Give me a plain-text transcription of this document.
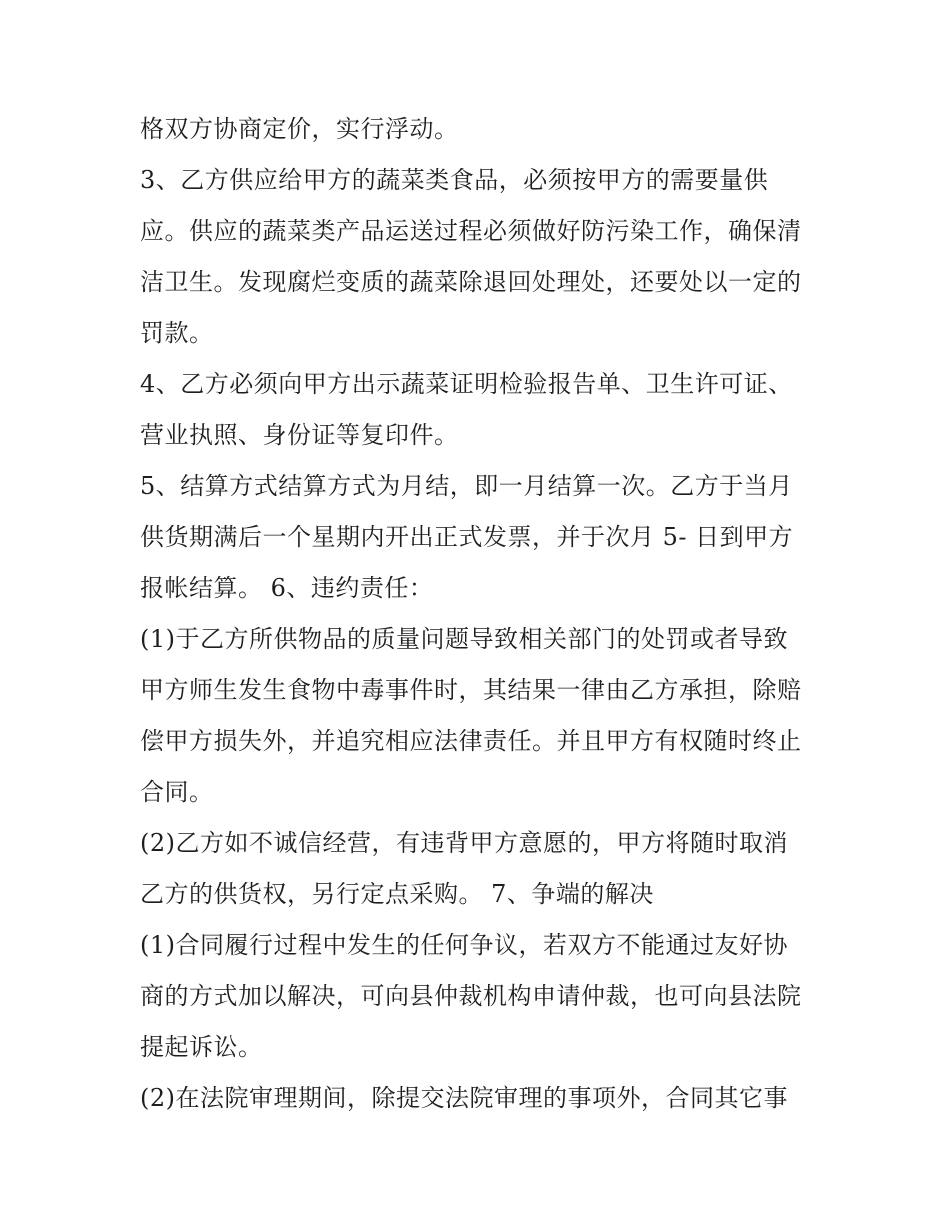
格双方协商定价，实行浮动。
3、乙方供应给甲方的蔬菜类食品，必须按甲方的需要量供
应。供应的蔬菜类产品运送过程必须做好防污染工作，确保清
洁卫生。发现腐烂变质的蔬菜除退回处理处，还要处以一定的
罚款。
4、乙方必须向甲方出示蔬菜证明检验报告单、卫生许可证、
营业执照、身份证等复印件。
5、结算方式结算方式为月结，即一月结算一次。乙方于当月
供货期满后一个星期内开出正式发票，并于次月 5- 日到甲方
报帐结算。 6、违约责任：
(1)于乙方所供物品的质量问题导致相关部门的处罚或者导致
甲方师生发生食物中毒事件时，其结果一律由乙方承担，除赔
偿甲方损失外，并追究相应法律责任。并且甲方有权随时终止
合同。
(2)乙方如不诚信经营，有违背甲方意愿的，甲方将随时取消
乙方的供货权，另行定点采购。 7、争端的解决
(1)合同履行过程中发生的任何争议，若双方不能通过友好协
商的方式加以解决，可向县仲裁机构申请仲裁，也可向县法院
提起诉讼。
(2)在法院审理期间，除提交法院审理的事项外，合同其它事
